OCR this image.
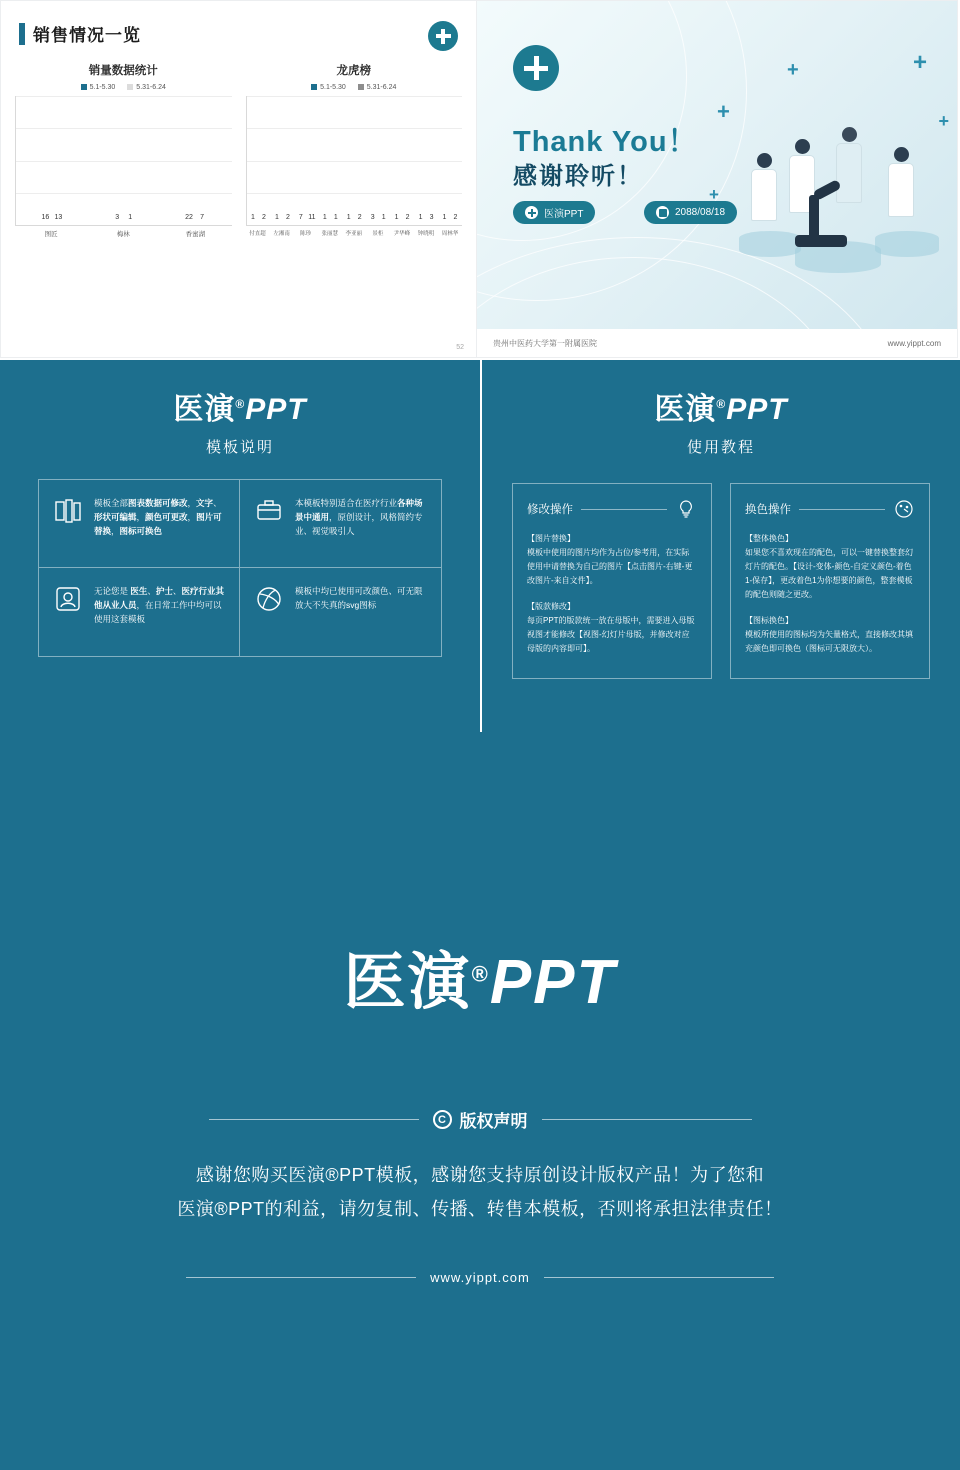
销售情况一览
销量数据统计
5.1-5.30	5.31-6.24
16 13	3 1	22 7
图匠	梅林	香蜜湖
龙虎榜
5.1-5.30	5.31-6.24
1 2 1 2 7 11 1 1 1 2 3 1 1 2 1 3 1 2
付直超	左湘南	陈珍	张丽慧	李亚丽	景柜	尹华峰	钟晓明	周林华
52
Thank You！
感谢聆听！
医演PPT	2088/08/18
+
+
+	+
+
贵州中医药大学第一附属医院	www.yippt.com
医演®PPT
模板说明
模板全部图表数据可修改，文字、形状可编辑，颜色可更改，图片可替换，图标可换色
本模板特别适合在医疗行业各种场景中通用，原创设计，风格简约专业、视觉吸引人
无论您是 医生、护士、医疗行业其他从业人员，在日常工作中均可以使用这套模板
模板中均已使用可改颜色、可无限放大不失真的svg图标
医演®PPT
使用教程
修改操作
【图片替换】
模板中使用的图片均作为占位/参考用，在实际使用中请替换为自己的图片【点击图片-右键-更改图片-来自文件】。
【版款修改】
每页PPT的版款统一放在母版中，需要进入母版视图才能修改【视图-幻灯片母版，并修改对应母版的内容即可】。
换色操作
【整体换色】
如果您不喜欢现在的配色，可以一键替换整套幻灯片的配色。【设计-变体-颜色-自定义颜色-着色1-保存】，更改着色1为你想要的颜色，整套模板的配色则随之更改。
【图标换色】
模板所使用的图标均为矢量格式，直接修改其填充颜色即可换色（图标可无限放大）。
医演®PPT
C 版权声明
感谢您购买医演®PPT模板，感谢您支持原创设计版权产品！为了您和
医演®PPT的利益，请勿复制、传播、转售本模板，否则将承担法律责任！
www.yippt.com
